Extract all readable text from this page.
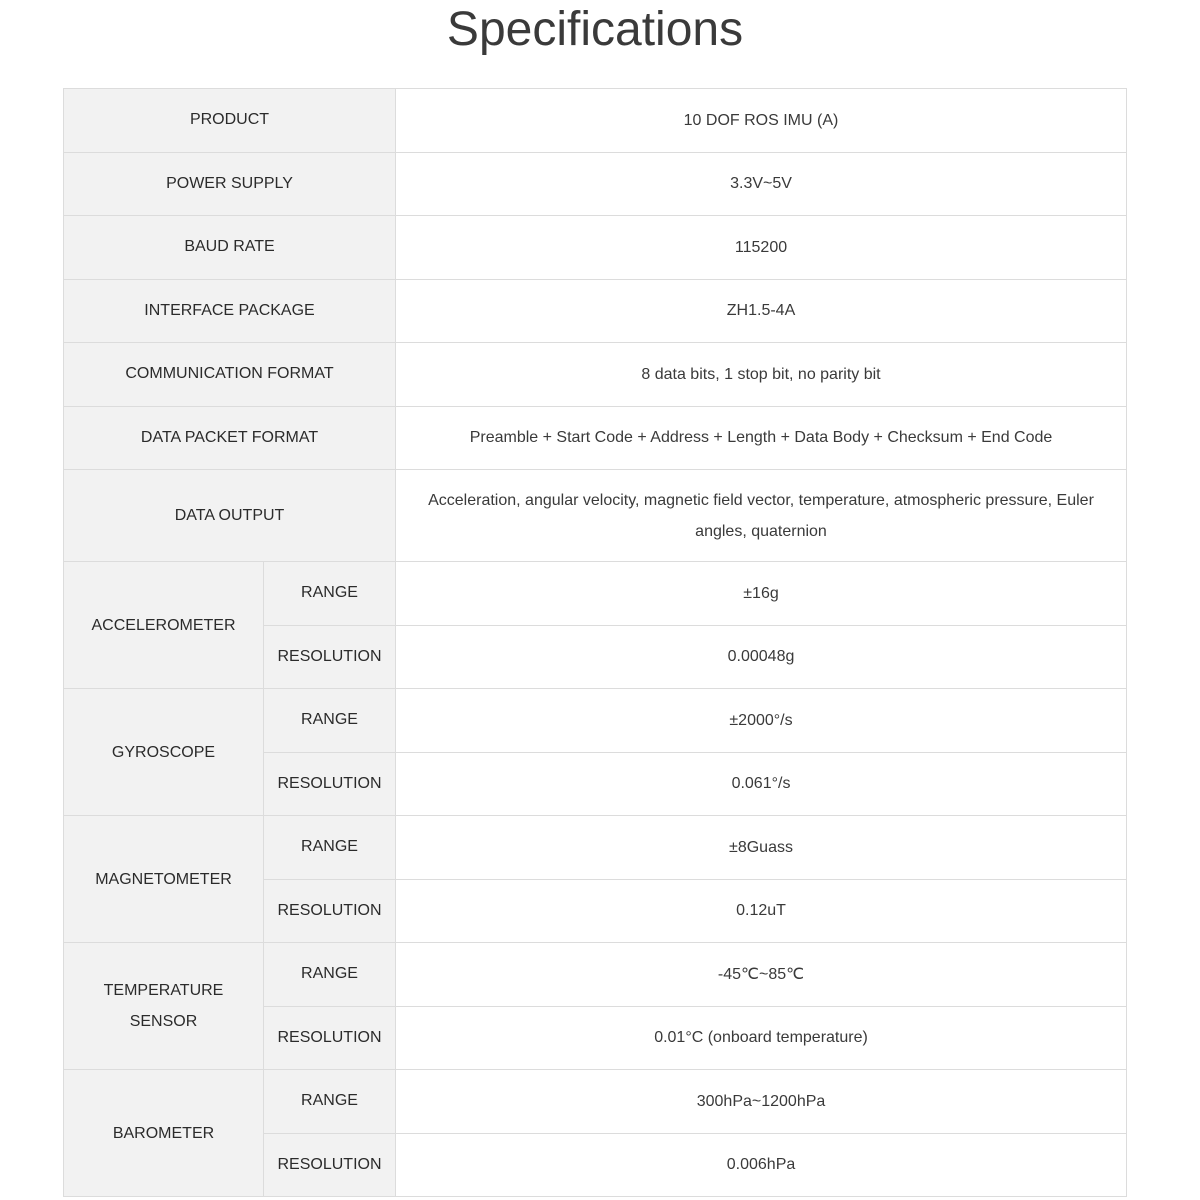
Specifications
PRODUCT		10 DOF ROS IMU (A)
POWER SUPPLY		3.3V~5V
BAUD RATE		115200
INTERFACE PACKAGE		ZH1.5-4A
COMMUNICATION FORMAT		8 data bits, 1 stop bit, no parity bit
DATA PACKET FORMAT		Preamble + Start Code + Address + Length + Data Body + Checksum + End Code
DATA OUTPUT		Acceleration, angular velocity, magnetic field vector, temperature, atmospheric pressure, Euler angles, quaternion
ACCELEROMETER	RANGE	±16g
	RESOLUTION	0.00048g
GYROSCOPE	RANGE	±2000°/s
	RESOLUTION	0.061°/s
MAGNETOMETER	RANGE	±8Guass
	RESOLUTION	0.12uT
TEMPERATURE SENSOR	RANGE	-45℃~85℃
	RESOLUTION	0.01°C (onboard temperature)
BAROMETER	RANGE	300hPa~1200hPa
	RESOLUTION	0.006hPa
